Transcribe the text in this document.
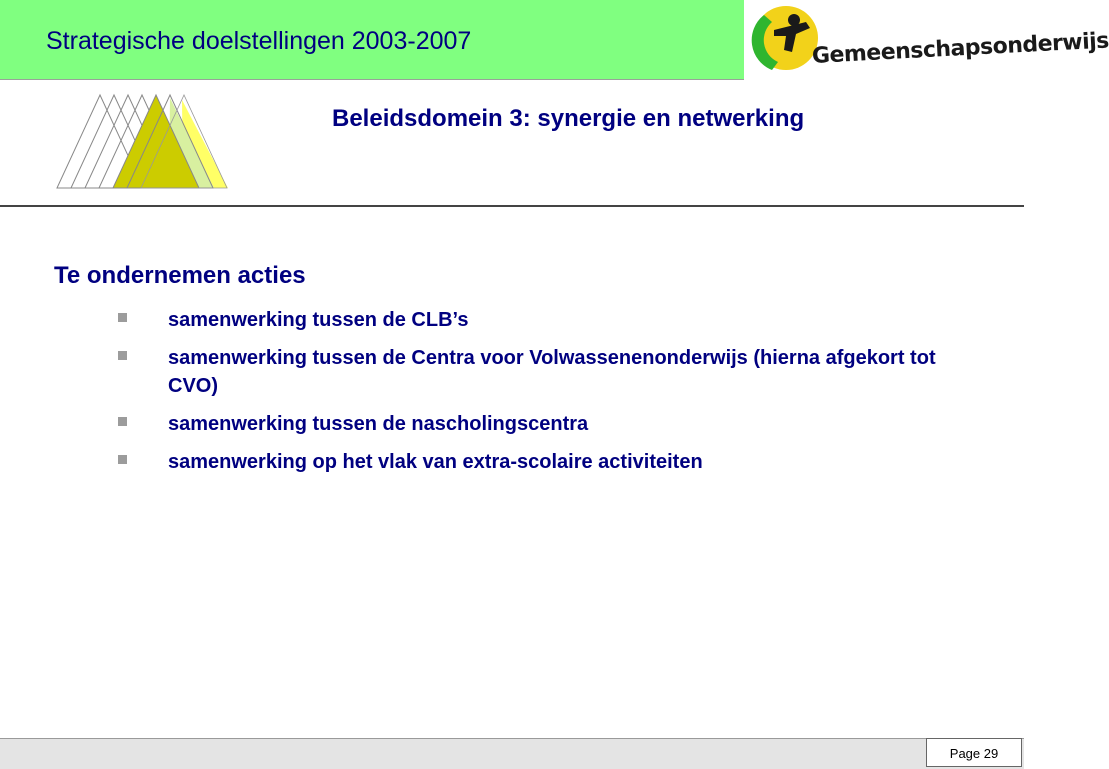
Strategische doelstellingen 2003-2007	Gemeenschapsonderwijs
Beleidsdomein 3: synergie en netwerking
Te ondernemen acties
samenwerking tussen de CLB’s
samenwerking tussen de Centra voor Volwassenenonderwijs (hierna afgekort tot CVO)
samenwerking tussen de nascholingscentra
samenwerking op het vlak van extra-scolaire activiteiten
Page 29
